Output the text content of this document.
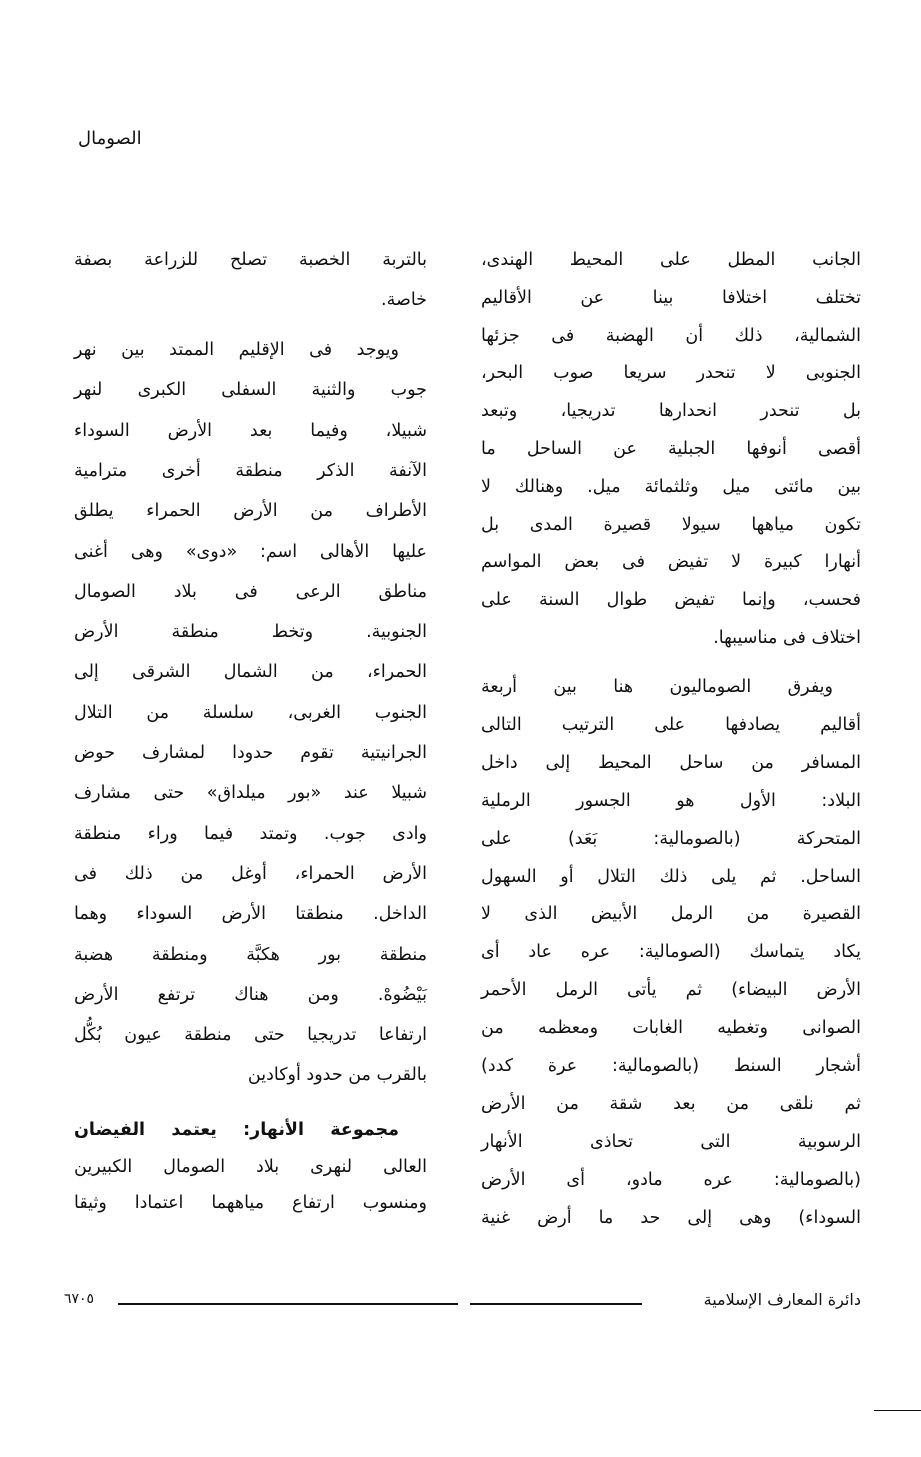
الصومال
الجانب المطل على المحيط الهندى،
تختلف اختلافا بينا عن الأقاليم
الشمالية، ذلك أن الهضبة فى جزئها
الجنوبى لا تنحدر سريعا صوب البحر،
بل تنحدر انحدارها تدريجيا، وتبعد
أقصى أنوفها الجبلية عن الساحل ما
بين مائتى ميل وثلثمائة ميل. وهنالك لا
تكون مياهها سيولا قصيرة المدى بل
أنهارا كبيرة لا تفيض فى بعض المواسم
فحسب، وإنما تفيض طوال السنة على
اختلاف فى مناسيبها.
ويفرق الصوماليون هنا بين أربعة
أقاليم يصادفها على الترتيب التالى
المسافر من ساحل المحيط إلى داخل
البلاد: الأول هو الجسور الرملية
المتحركة (بالصومالية: بَعَد) على
الساحل. ثم يلى ذلك التلال أو السهول
القصيرة من الرمل الأبيض الذى لا
يكاد يتماسك (الصومالية: عره عاد أى
الأرض البيضاء) ثم يأتى الرمل الأحمر
الصوانى وتغطيه الغابات ومعظمه من
أشجار السنط (بالصومالية: عرة كدد)
ثم نلقى من بعد شقة من الأرض
الرسوبية التى تحاذى الأنهار
(بالصومالية: عره مادو، أى الأرض
السوداء) وهى إلى حد ما أرض غنية
بالتربة الخصبة تصلح للزراعة بصفة
خاصة.
ويوجد فى الإقليم الممتد بين نهر
جوب والثنية السفلى الكبرى لنهر
شبيلا، وفيما بعد الأرض السوداء
الآنفة الذكر منطقة أخرى مترامية
الأطراف من الأرض الحمراء يطلق
عليها الأهالى اسم: «دوى» وهى أغنى
مناطق الرعى فى بلاد الصومال
الجنوبية. وتخط منطقة الأرض
الحمراء، من الشمال الشرقى إلى
الجنوب الغربى، سلسلة من التلال
الجرانيتية تقوم حدودا لمشارف حوض
شبيلا عند «بور ميلداق» حتى مشارف
وادى جوب. وتمتد فيما وراء منطقة
الأرض الحمراء، أوغل من ذلك فى
الداخل. منطقتا الأرض السوداء وهما
منطقة بور هكبَّة ومنطقة هضبة
بَيْضُوهْ. ومن هناك ترتفع الأرض
ارتفاعا تدريجيا حتى منطقة عيون بُكُّل
بالقرب من حدود أوكادين
مجموعة الأنهار: يعتمد الفيضان
العالى لنهرى بلاد الصومال الكبيرين
ومنسوب ارتفاع مياههما اعتمادا وثيقا
دائرة المعارف الإسلامية
٦٧٠٥
